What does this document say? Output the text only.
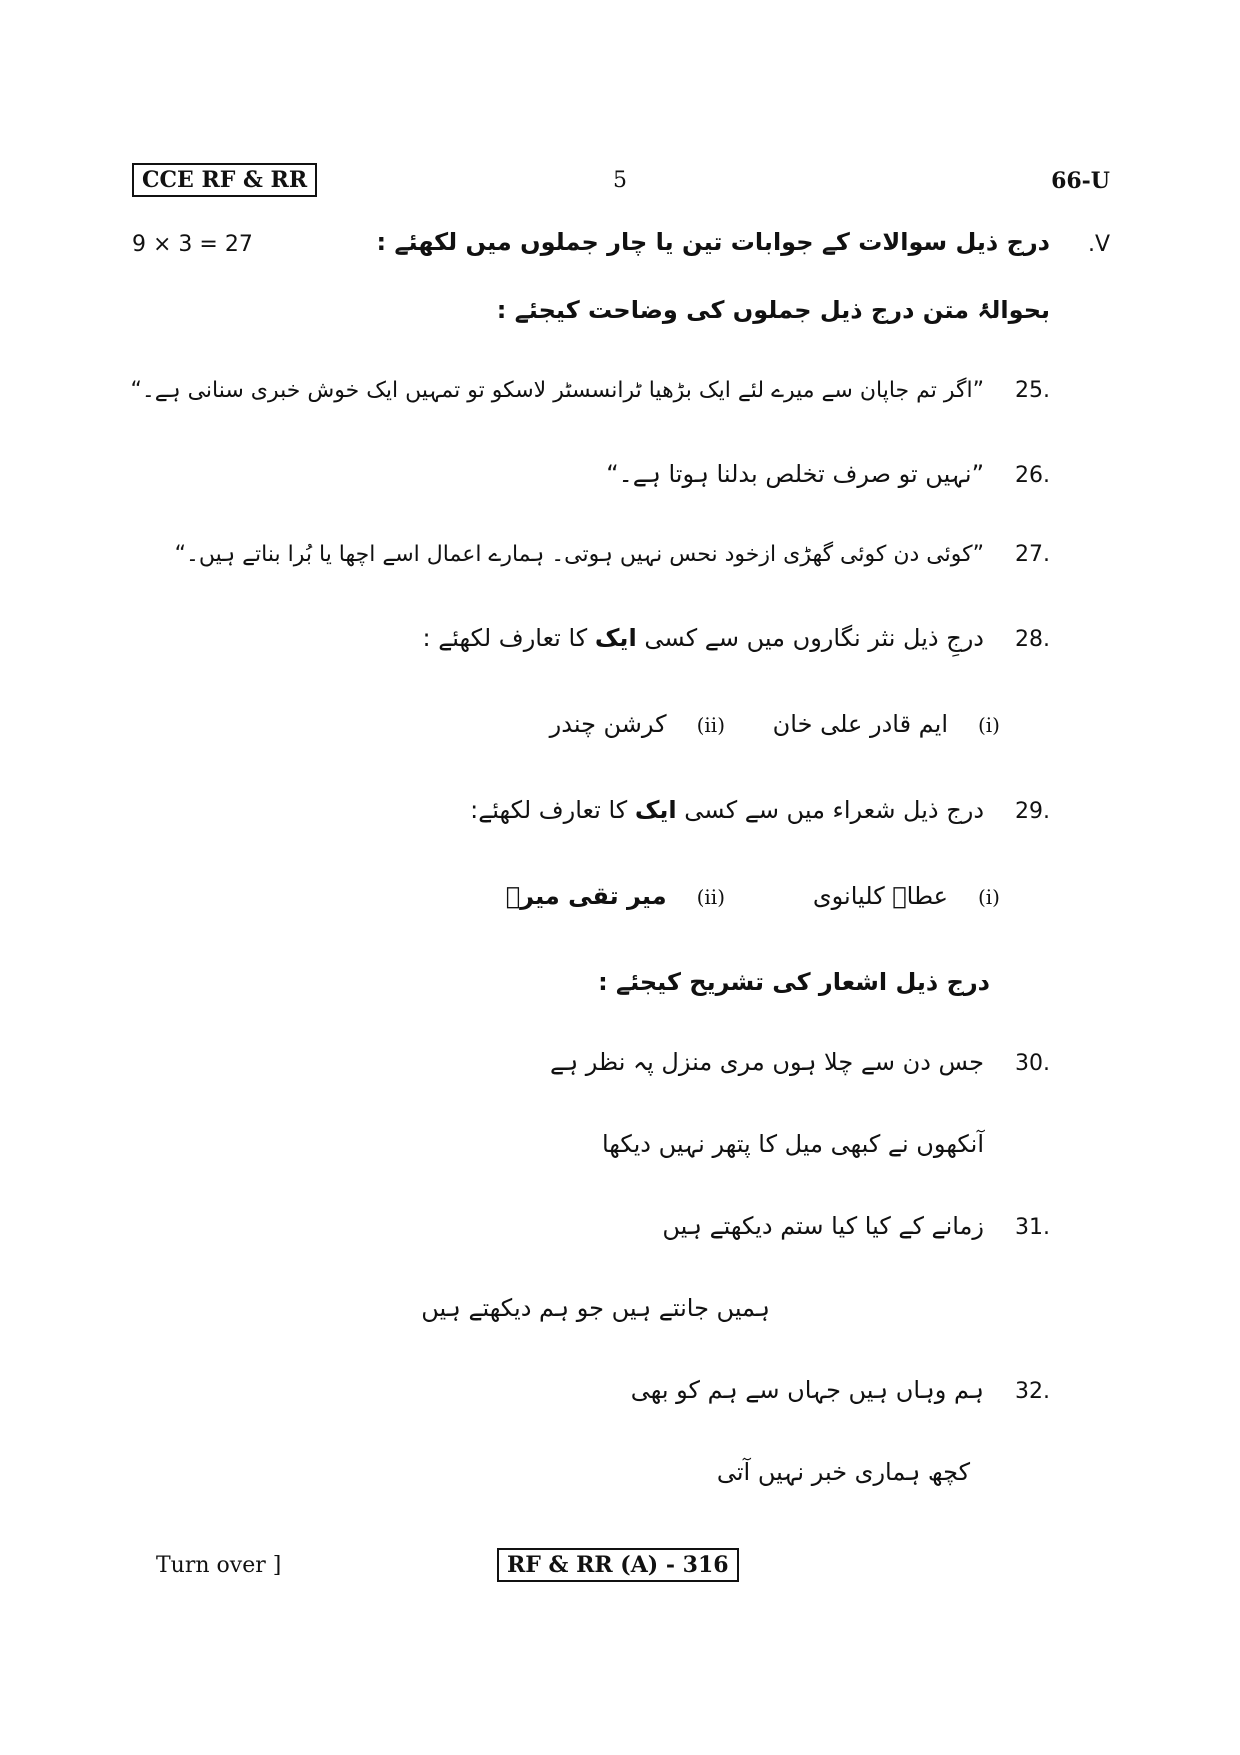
CCE RF & RR	5	66-U
9 × 3 = 27	.V
درج ذیل سوالات کے جوابات تین یا چار جملوں میں لکھئے :
بحوالۂ متن درج ذیل جملوں کی وضاحت کیجئے :
25.
”اگر تم جاپان سے میرے لئے ایک بڑھیا ٹرانسسٹر لاسکو تو تمہیں ایک خوش خبری سنانی ہے۔“
26.
”نہیں تو صرف تخلص بدلنا ہوتا ہے۔“
27.
”کوئی دن کوئی گھڑی ازخود نحس نہیں ہوتی۔ ہمارے اعمال اسے اچھا یا بُرا بناتے ہیں۔“
28.
درجِ ذیل نثر نگاروں میں سے کسی ایک کا تعارف لکھئے :
(i)
ایم قادر علی خان
(ii)
کرشن چندر
29.
درج ذیل شعراء میں سے کسی ایک کا تعارف لکھئے:
(i)
عطاؔ کلیانوی
(ii)
میر تقی میرؔ
درج ذیل اشعار کی تشریح کیجئے :
30.
جس دن سے چلا ہوں مری منزل پہ نظر ہے
آنکھوں نے کبھی میل کا پتھر نہیں دیکھا
31.
زمانے کے کیا کیا ستم دیکھتے ہیں
ہمیں جانتے ہیں جو ہم دیکھتے ہیں
32.
ہم وہاں ہیں جہاں سے ہم کو بھی
کچھ ہماری خبر نہیں آتی
Turn over ]	RF & RR (A) - 316
